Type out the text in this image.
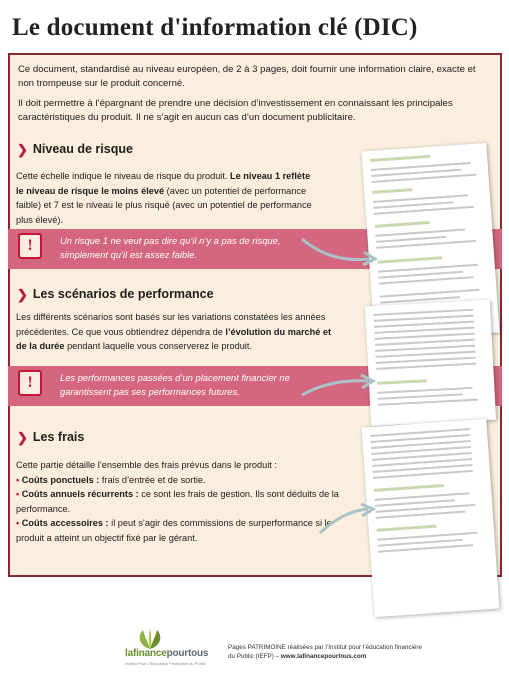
Le document d'information clé (DIC)

Ce document, standardisé au niveau européen, de 2 à 3 pages, doit fournir une information claire, exacte et non trompeuse sur le produit concerné.

Il doit permettre à l’épargnant de prendre une décision d’investissement en connaissant les principales caractéristiques du produit. Il ne s’agit en aucun cas d’un document publicitaire.

❯ Niveau de risque
Cette échelle indique le niveau de risque du produit. Le niveau 1 reflète le niveau de risque le moins élevé (avec un potentiel de performance faible) et 7 est le niveau le plus risqué (avec un potentiel de performance plus élevé).
!	Un risque 1 ne veut pas dire qu’il n’y a pas de risque, simplement qu’il est assez faible.
❯ Les scénarios de performance
Les différents scénarios sont basés sur les variations constatées les années précédentes. Ce que vous obtiendrez dépendra de l’évolution du marché et de la durée pendant laquelle vous conserverez le produit.
!	Les performances passées d’un placement financier ne garantissent pas ses performances futures.
❯ Les frais
Cette partie détaille l’ensemble des frais prévus dans le produit :
• Coûts ponctuels : frais d’entrée et de sortie.
• Coûts annuels récurrents : ce sont les frais de gestion. Ils sont déduits de la performance.
• Coûts accessoires : il peut s’agir des commissions de surperformance si le produit a atteint un objectif fixé par le gérant.
lafinancepourtous
Institut Pour L'Éducation Financière du Public
Pages PATRIMOINE réalisées par l’Institut pour l’éducation financière du Public (IEFP) – www.lafinancepourtous.com
